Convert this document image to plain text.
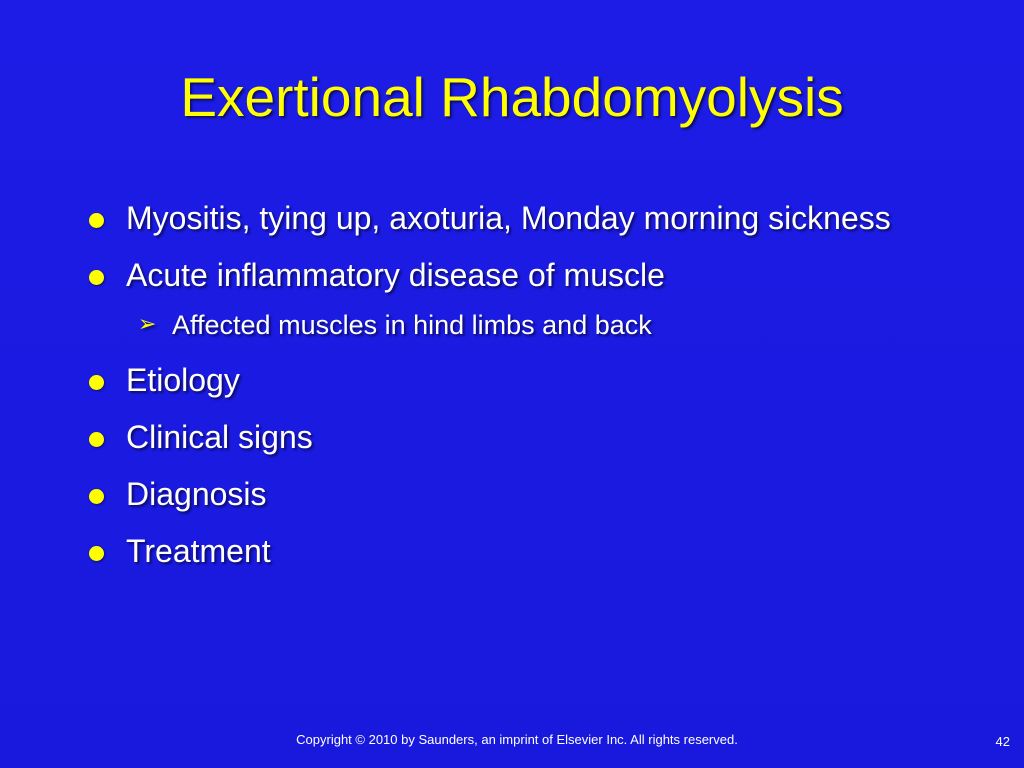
Exertional Rhabdomyolysis
Myositis, tying up, axoturia, Monday morning sickness
Acute inflammatory disease of muscle
➢ Affected muscles in hind limbs and back
Etiology
Clinical signs
Diagnosis
Treatment
Copyright © 2010 by Saunders, an imprint of Elsevier Inc. All rights reserved.	42
